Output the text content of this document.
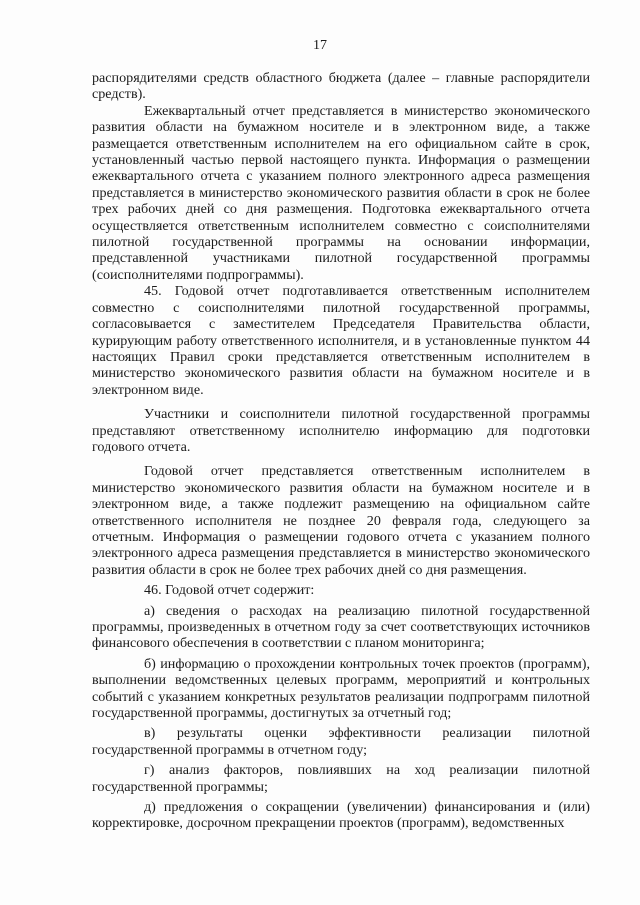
17

распорядителями средств областного бюджета (далее – главные распорядители средств).

Ежеквартальный отчет представляется в министерство экономического развития области на бумажном носителе и в электронном виде, а также размещается ответственным исполнителем на его официальном сайте в срок, установленный частью первой настоящего пункта. Информация о размещении ежеквартального отчета с указанием полного электронного адреса размещения представляется в министерство экономического развития области в срок не более трех рабочих дней со дня размещения. Подготовка ежеквартального отчета осуществляется ответственным исполнителем совместно с соисполнителями пилотной государственной программы на основании информации, представленной участниками пилотной государственной программы (соисполнителями подпрограммы).

45. Годовой отчет подготавливается ответственным исполнителем совместно с соисполнителями пилотной государственной программы, согласовывается с заместителем Председателя Правительства области, курирующим работу ответственного исполнителя, и в установленные пунктом 44 настоящих Правил сроки представляется ответственным исполнителем в министерство экономического развития области на бумажном носителе и в электронном виде.

Участники и соисполнители пилотной государственной программы представляют ответственному исполнителю информацию для подготовки годового отчета.

Годовой отчет представляется ответственным исполнителем в министерство экономического развития области на бумажном носителе и в электронном виде, а также подлежит размещению на официальном сайте ответственного исполнителя не позднее 20 февраля года, следующего за отчетным. Информация о размещении годового отчета с указанием полного электронного адреса размещения представляется в министерство экономического развития области в срок не более трех рабочих дней со дня размещения.

46. Годовой отчет содержит:

а) сведения о расходах на реализацию пилотной государственной программы, произведенных в отчетном году за счет соответствующих источников финансового обеспечения в соответствии с планом мониторинга;

б) информацию о прохождении контрольных точек проектов (программ), выполнении ведомственных целевых программ, мероприятий и контрольных событий с указанием конкретных результатов реализации подпрограмм пилотной государственной программы, достигнутых за отчетный год;

в) результаты оценки эффективности реализации пилотной государственной программы в отчетном году;

г) анализ факторов, повлиявших на ход реализации пилотной государственной программы;

д) предложения о сокращении (увеличении) финансирования и (или) корректировке, досрочном прекращении проектов (программ), ведомственных
